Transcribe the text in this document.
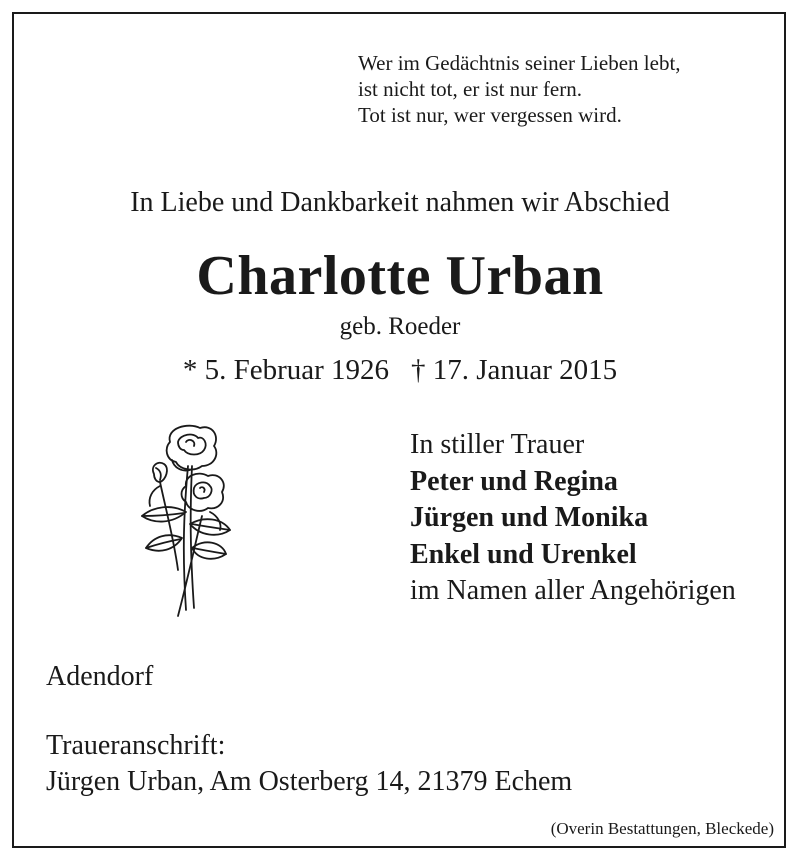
Wer im Gedächtnis seiner Lieben lebt,
ist nicht tot, er ist nur fern.
Tot ist nur, wer vergessen wird.
In Liebe und Dankbarkeit nahmen wir Abschied
Charlotte Urban
geb. Roeder
* 5. Februar 1926 † 17. Januar 2015
In stiller Trauer
Peter und Regina
Jürgen und Monika
Enkel und Urenkel
im Namen aller Angehörigen
Adendorf
Traueranschrift:
Jürgen Urban, Am Osterberg 14, 21379 Echem
(Overin Bestattungen, Bleckede)
